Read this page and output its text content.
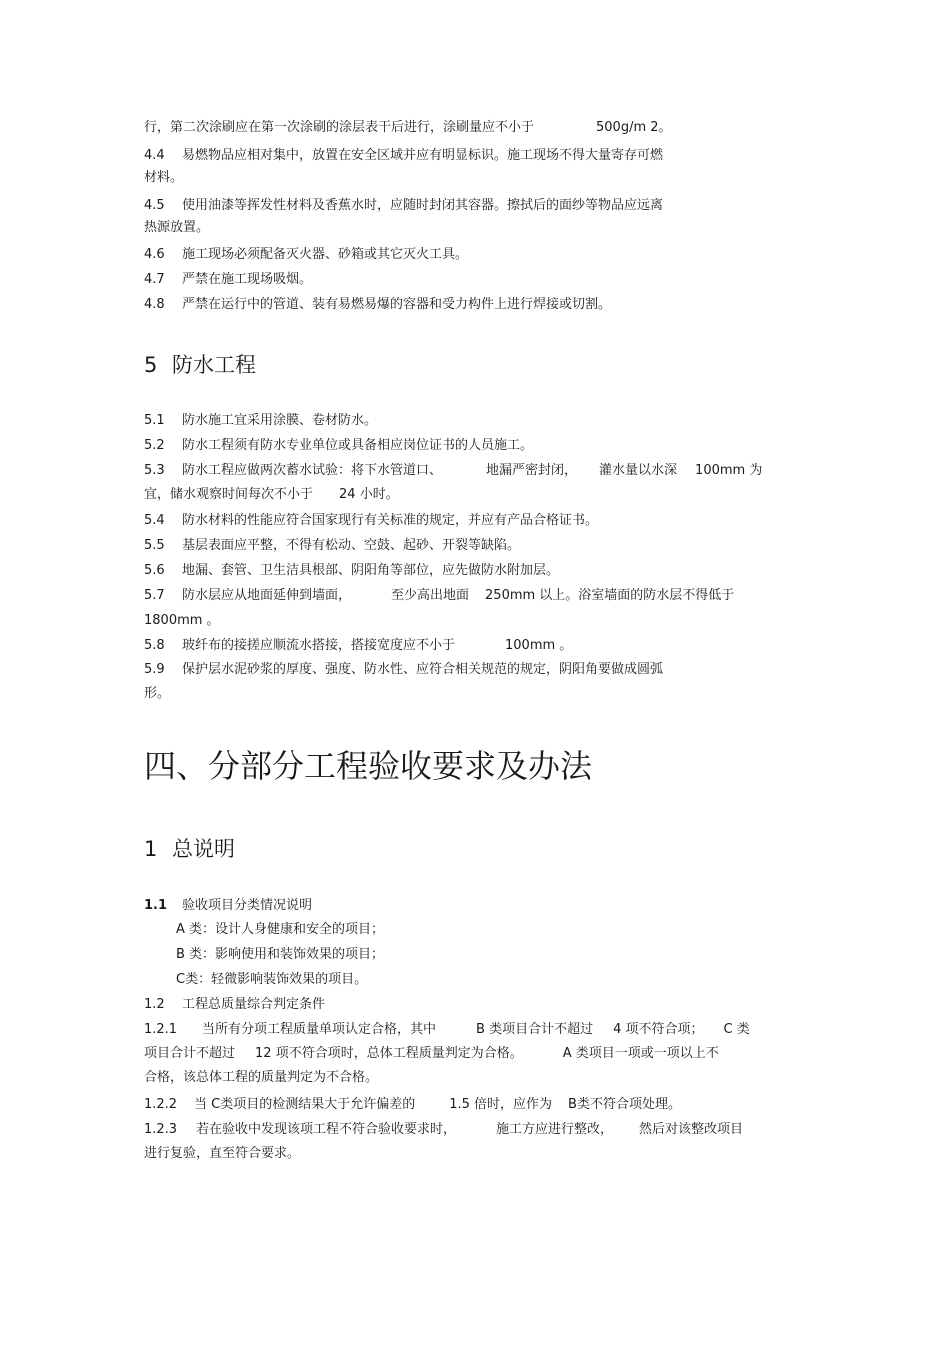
行，第二次涂刷应在第一次涂刷的涂层表干后进行，涂刷量应不小于	500g/m 2。

4.4 易燃物品应相对集中，放置在安全区域并应有明显标识。施工现场不得大量寄存可燃

材料。

4.5 使用油漆等挥发性材料及香蕉水时，应随时封闭其容器。擦拭后的面纱等物品应远离

热源放置。

4.6 施工现场必须配备灭火器、砂箱或其它灭火工具。

4.7 严禁在施工现场吸烟。

4.8 严禁在运行中的管道、装有易燃易爆的容器和受力构件上进行焊接或切割。

5 防水工程

5.1 防水施工宜采用涂膜、卷材防水。

5.2 防水工程须有防水专业单位或具备相应岗位证书的人员施工。

5.3 防水工程应做两次蓄水试验：将下水管道口、	地漏严密封闭， 灌水量以水深 100mm 为

宜，储水观察时间每次不小于 24 小时。

5.4 防水材料的性能应符合国家现行有关标准的规定，并应有产品合格证书。

5.5 基层表面应平整，不得有松动、空鼓、起砂、开裂等缺陷。

5.6 地漏、套管、卫生洁具根部、阴阳角等部位，应先做防水附加层。

5.7 防水层应从地面延伸到墙面，	至少高出地面 250mm 以上。浴室墙面的防水层不得低于

1800mm 。

5.8 玻纤布的接搓应顺流水搭接，搭接宽度应不小于	100mm 。

5.9 保护层水泥砂浆的厚度、强度、防水性、应符合相关规范的规定，阴阳角要做成圆弧

形。

四、分部分工程验收要求及办法
1 总说明

1.1 验收项目分类情况说明

A 类：设计人身健康和安全的项目；

B 类：影响使用和装饰效果的项目；

C类：轻微影响装饰效果的项目。

1.2 工程总质量综合判定条件

1.2.1 当所有分项工程质量单项认定合格，其中	B 类项目合计不超过 4 项不符合项； C 类

项目合计不超过 12 项不符合项时，总体工程质量判定为合格。	A 类项目一项或一项以上不

合格，该总体工程的质量判定为不合格。

1.2.2 当 C类项目的检测结果大于允许偏差的	1.5 倍时，应作为 B类不符合项处理。

1.2.3 若在验收中发现该项工程不符合验收要求时，	施工方应进行整改， 然后对该整改项目

进行复验，直至符合要求。
